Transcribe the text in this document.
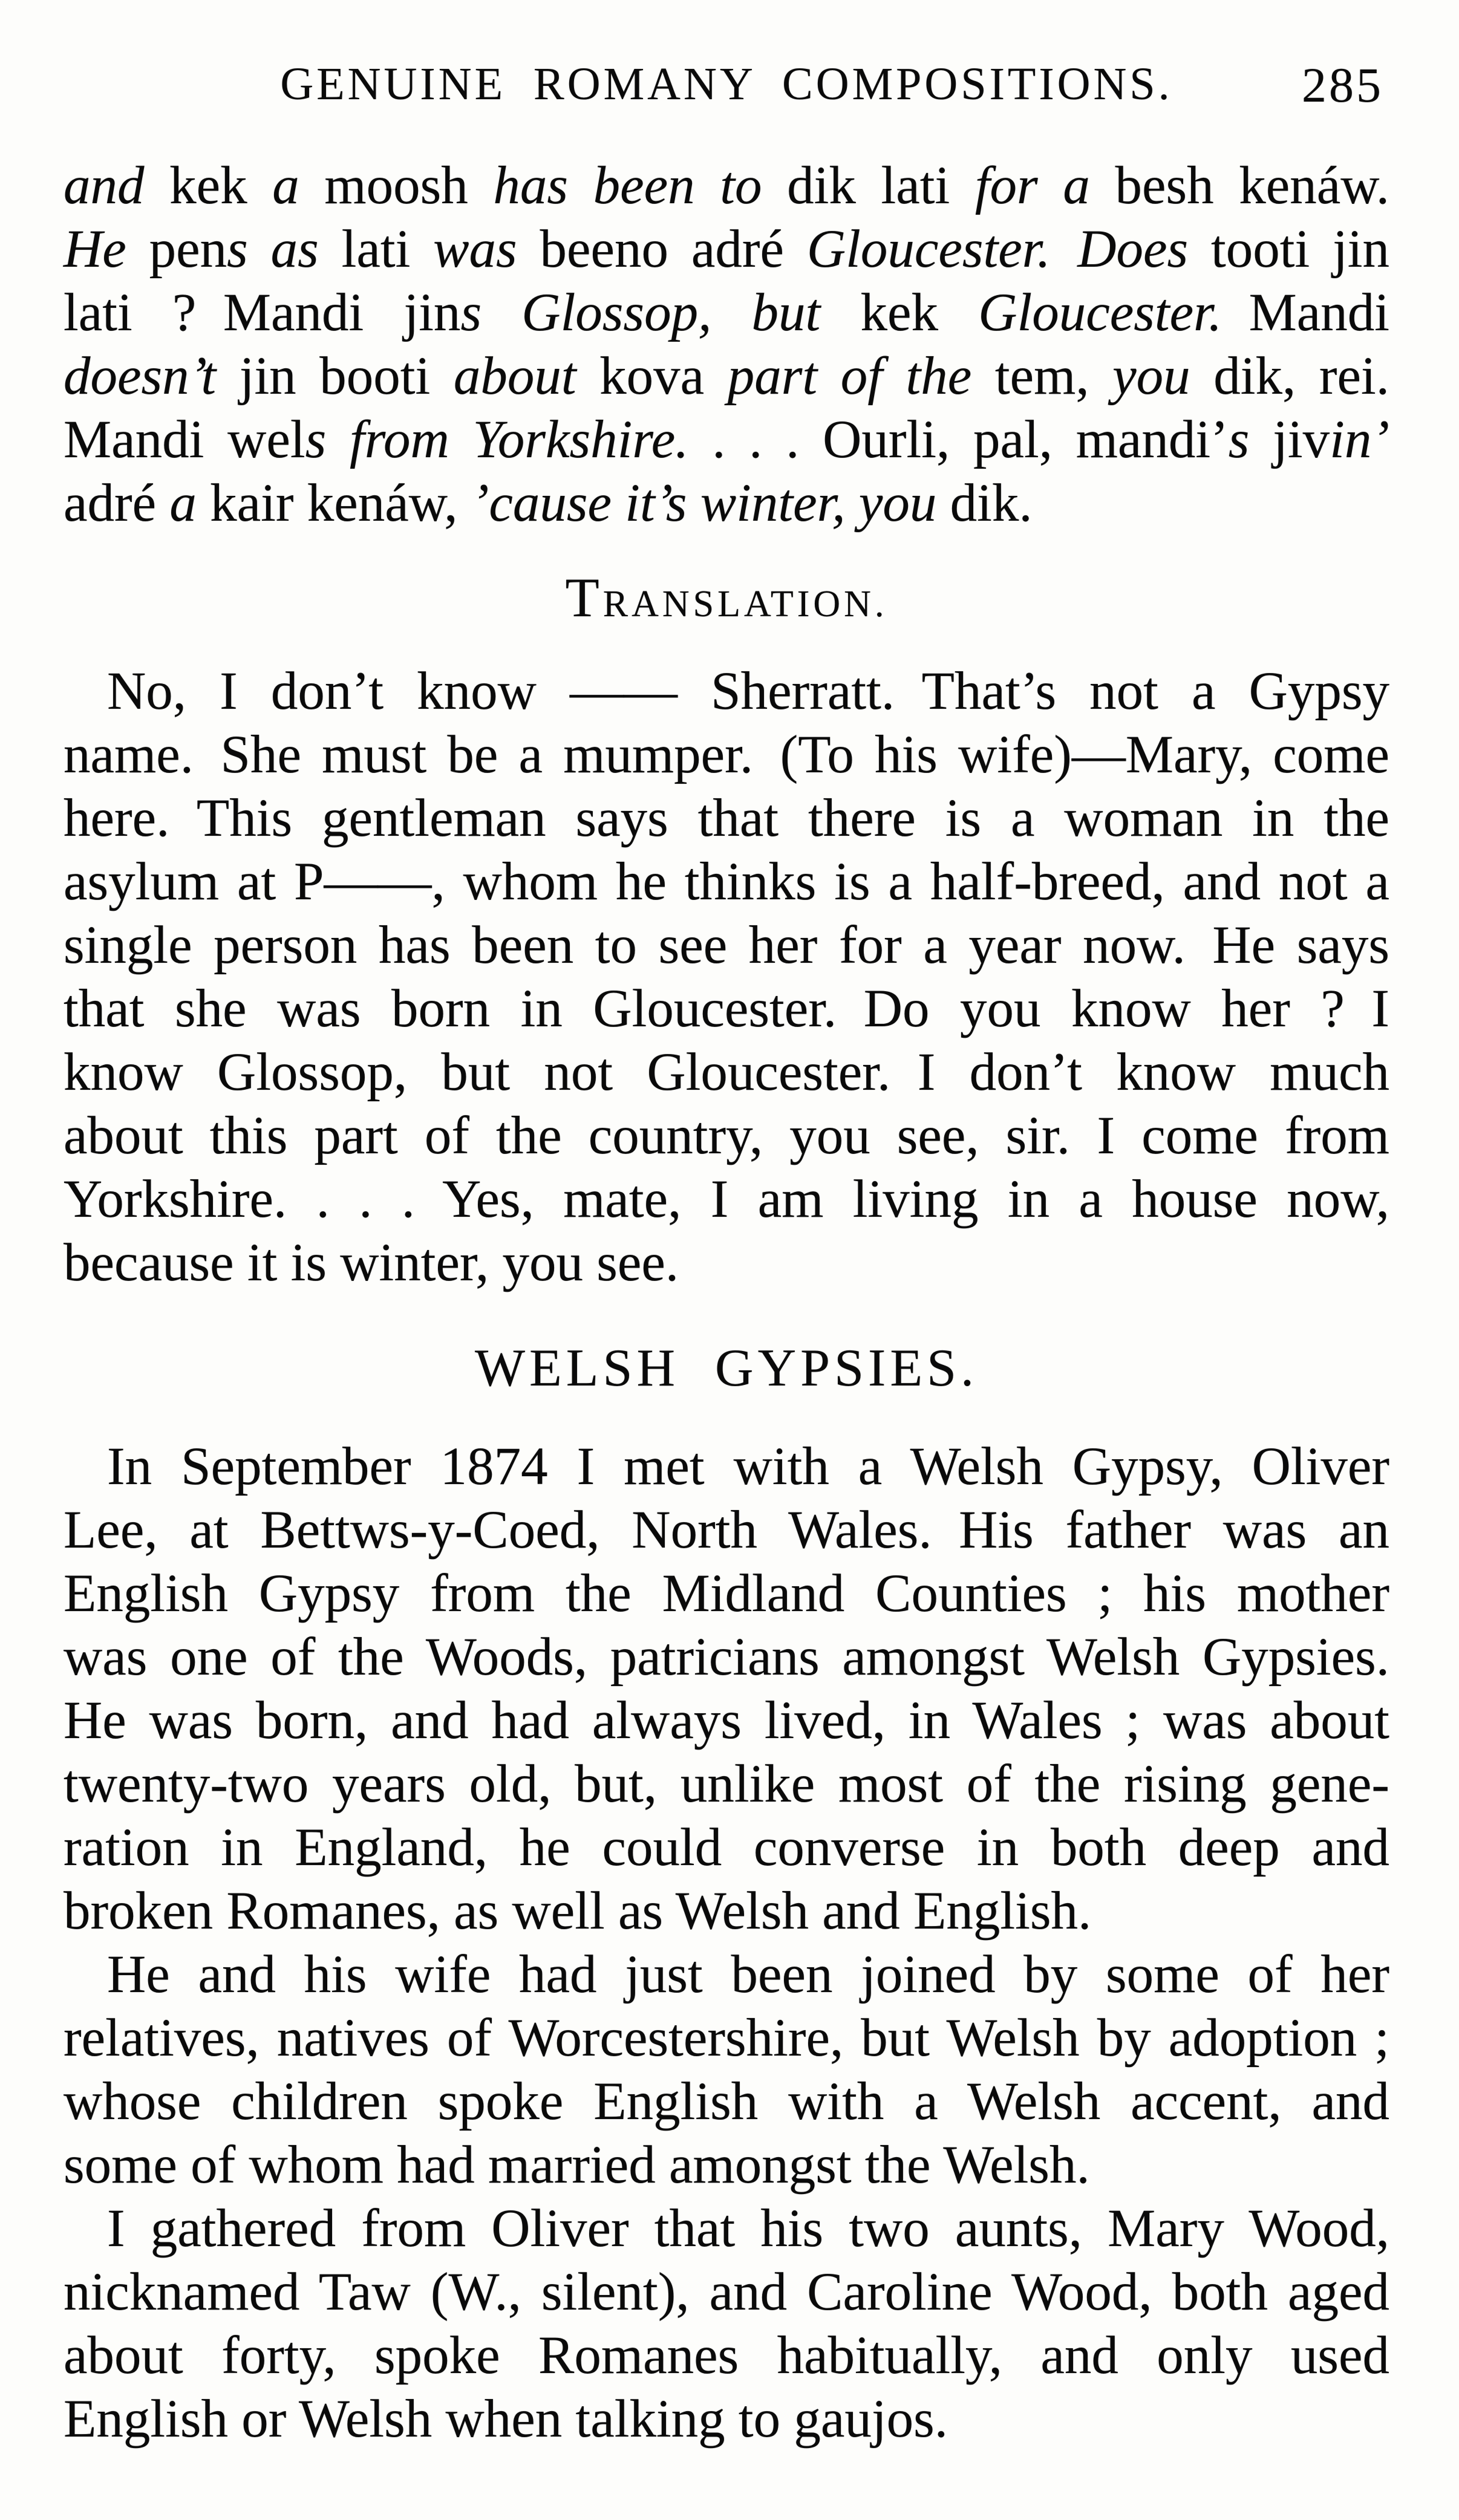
GENUINE ROMANY COMPOSITIONS.	285
and kek a moosh has been to dik lati for a besh kenáw.
He pens as lati was beeno adré Gloucester.  Does tooti jin
lati ? Mandi jins Glossop, but kek Gloucester. Mandi
doesn’t jin booti about kova part of the tem, you dik, rei.
Mandi wels from Yorkshire. . . . Ourli, pal, mandi’s jivin’
adré a kair kenáw, ’cause it’s winter, you dik.
TRANSLATION.
No, I don’t know —— Sherratt. That’s not a Gypsy
name. She must be a mumper. (To his wife)—Mary, come
here. This gentleman says that there is a woman in the
asylum at P——, whom he thinks is a half-breed, and not a
single person has been to see her for a year now. He says
that she was born in Gloucester. Do you know her ? I
know Glossop, but not Gloucester. I don’t know much
about this part of the country, you see, sir. I come from
Yorkshire. . . . Yes, mate, I am living in a house now,
because it is winter, you see.
WELSH GYPSIES.
In September 1874 I met with a Welsh Gypsy, Oliver
Lee, at Bettws-y-Coed, North Wales. His father was an
English Gypsy from the Midland Counties ; his mother
was one of the Woods, patricians amongst Welsh Gypsies.
He was born, and had always lived, in Wales ; was about
twenty-two years old, but, unlike most of the rising gene-
ration in England, he could converse in both deep and
broken Romanes, as well as Welsh and English.
He and his wife had just been joined by some of her
relatives, natives of Worcestershire, but Welsh by adoption ;
whose children spoke English with a Welsh accent, and
some of whom had married amongst the Welsh.
I gathered from Oliver that his two aunts, Mary Wood,
nicknamed Taw (W., silent), and Caroline Wood, both aged
about forty, spoke Romanes habitually, and only used
English or Welsh when talking to gaujos.
